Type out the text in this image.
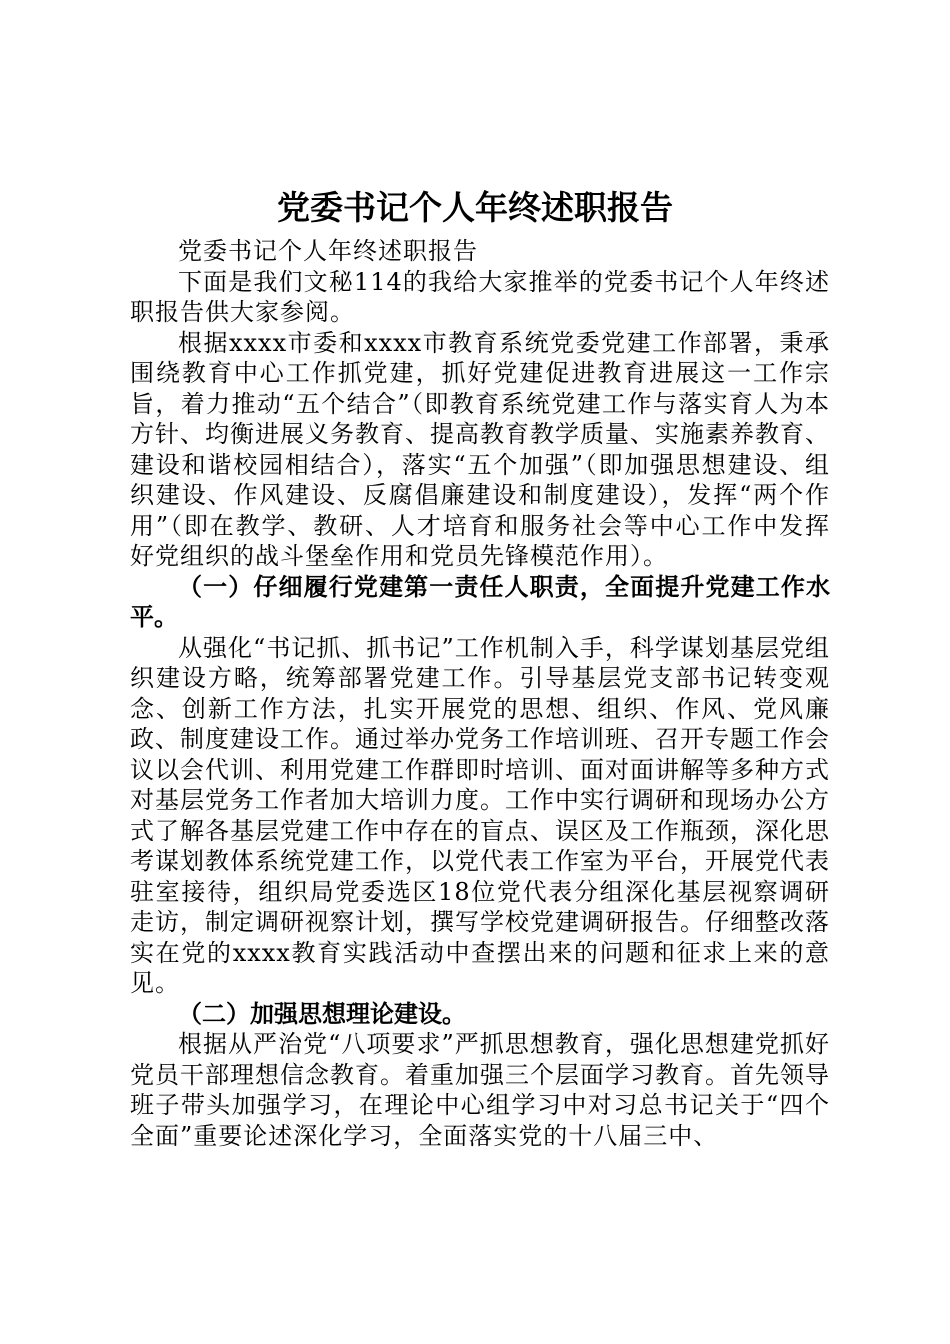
党委书记个人年终述职报告

党委书记个人年终述职报告

下面是我们文秘114的我给大家推举的党委书记个人年终述职报告供大家参阅。

根据xxxx市委和xxxx市教育系统党委党建工作部署，秉承围绕教育中心工作抓党建，抓好党建促进教育进展这一工作宗旨，着力推动“五个结合”（即教育系统党建工作与落实育人为本方针、均衡进展义务教育、提高教育教学质量、实施素养教育、建设和谐校园相结合），落实“五个加强”（即加强思想建设、组织建设、作风建设、反腐倡廉建设和制度建设），发挥“两个作用”（即在教学、教研、人才培育和服务社会等中心工作中发挥好党组织的战斗堡垒作用和党员先锋模范作用）。

（一）仔细履行党建第一责任人职责，全面提升党建工作水平。

从强化“书记抓、抓书记”工作机制入手，科学谋划基层党组织建设方略，统筹部署党建工作。引导基层党支部书记转变观念、创新工作方法，扎实开展党的思想、组织、作风、党风廉政、制度建设工作。通过举办党务工作培训班、召开专题工作会议以会代训、利用党建工作群即时培训、面对面讲解等多种方式对基层党务工作者加大培训力度。工作中实行调研和现场办公方式了解各基层党建工作中存在的盲点、误区及工作瓶颈，深化思考谋划教体系统党建工作，以党代表工作室为平台，开展党代表驻室接待，组织局党委选区18位党代表分组深化基层视察调研走访，制定调研视察计划，撰写学校党建调研报告。仔细整改落实在党的xxxx教育实践活动中查摆出来的问题和征求上来的意见。

（二）加强思想理论建设。

根据从严治党“八项要求”严抓思想教育，强化思想建党抓好党员干部理想信念教育。着重加强三个层面学习教育。首先领导班子带头加强学习，在理论中心组学习中对习总书记关于“四个全面”重要论述深化学习，全面落实党的十八届三中、
